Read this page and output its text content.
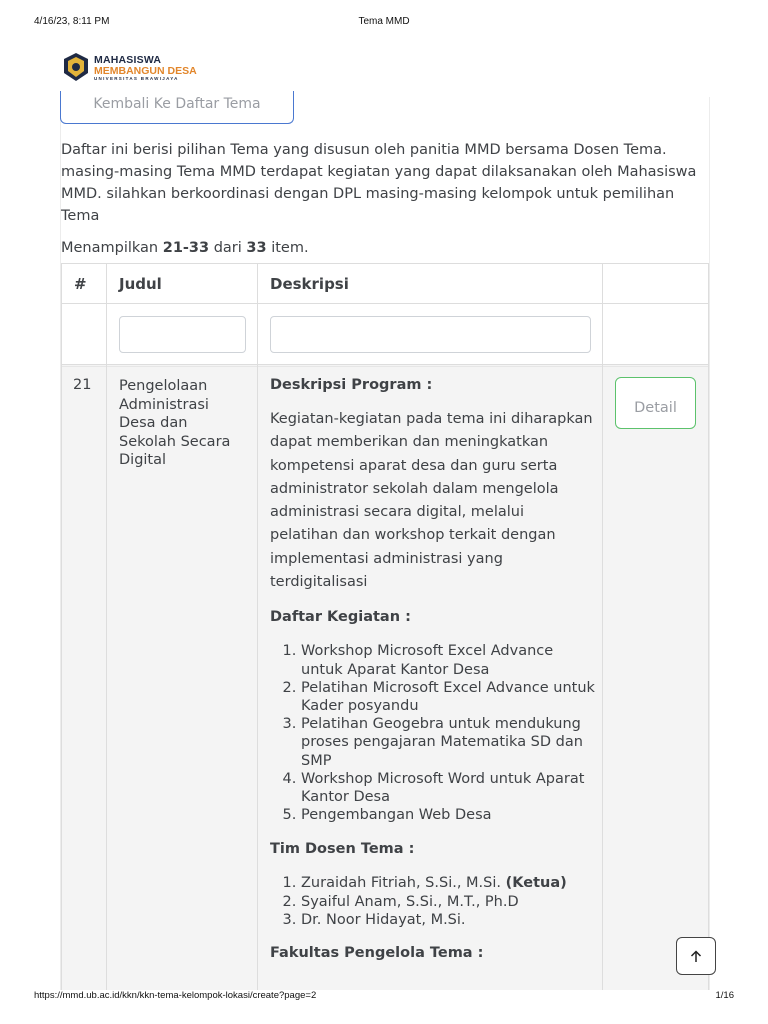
4/16/23, 8:11 PM	Tema MMD
MAHASISWA
MEMBANGUN DESA
UNIVERSITAS BRAWIJAYA
Kembali Ke Daftar Tema

Daftar ini berisi pilihan Tema yang disusun oleh panitia MMD bersama Dosen Tema. masing-masing Tema MMD terdapat kegiatan yang dapat dilaksanakan oleh Mahasiswa MMD. silahkan berkoordinasi dengan DPL masing-masing kelompok untuk pemilihan Tema

Menampilkan 21-33 dari 33 item.
# Judul	Deskripsi
21 Pengelolaan Administrasi Desa dan Sekolah Secara Digital
Deskripsi Program :

Kegiatan-kegiatan pada tema ini diharapkan dapat memberikan dan meningkatkan kompetensi aparat desa dan guru serta administrator sekolah dalam mengelola administrasi secara digital, melalui pelatihan dan workshop terkait dengan implementasi administrasi yang terdigitalisasi

Daftar Kegiatan :
1. Workshop Microsoft Excel Advance untuk Aparat Kantor Desa
2. Pelatihan Microsoft Excel Advance untuk Kader posyandu
3. Pelatihan Geogebra untuk mendukung proses pengajaran Matematika SD dan SMP
4. Workshop Microsoft Word untuk Aparat Kantor Desa
5. Pengembangan Web Desa
Tim Dosen Tema :
1. Zuraidah Fitriah, S.Si., M.Si. (Ketua)
2. Syaiful Anam, S.Si., M.T., Ph.D
3. Dr. Noor Hidayat, M.Si.
Fakultas Pengelola Tema :
Detail
https://mmd.ub.ac.id/kkn/kkn-tema-kelompok-lokasi/create?page=2	1/16
